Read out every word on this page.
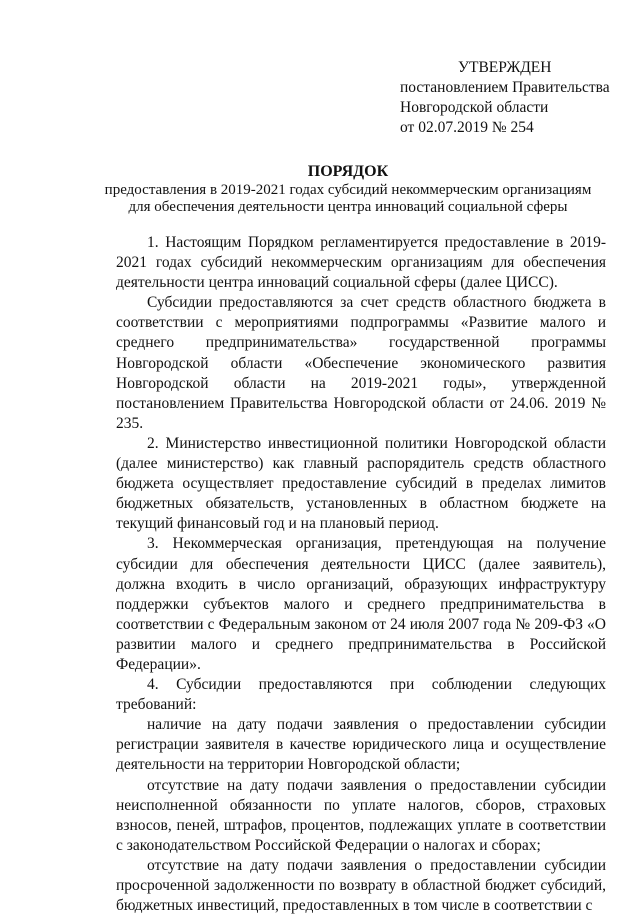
УТВЕРЖДЕН
постановлением Правительства
Новгородской области
от 02.07.2019 № 254
ПОРЯДОК
предоставления в 2019-2021 годах субсидий некоммерческим организациям
для обеспечения деятельности центра инноваций социальной сферы

1. Настоящим Порядком регламентируется предоставление в 2019-2021 годах субсидий некоммерческим организациям для обеспечения деятельности центра инноваций социальной сферы (далее ЦИСС).

Субсидии предоставляются за счет средств областного бюджета в соответствии с мероприятиями подпрограммы «Развитие малого и среднего предпринимательства» государственной программы Новгородской области «Обеспечение экономического развития Новгородской области на 2019-2021 годы», утвержденной постановлением Правительства Новгородской области от 24.06. 2019 № 235.

2. Министерство инвестиционной политики Новгородской области (далее министерство) как главный распорядитель средств областного бюджета осуществляет предоставление субсидий в пределах лимитов бюджетных обязательств, установленных в областном бюджете на текущий финансовый год и на плановый период.

3. Некоммерческая организация, претендующая на получение субсидии для обеспечения деятельности ЦИСС (далее заявитель), должна входить в число организаций, образующих инфраструктуру поддержки субъектов малого и среднего предпринимательства в соответствии с Федеральным законом от 24 июля 2007 года № 209-ФЗ «О развитии малого и среднего предпринимательства в Российской Федерации».

4. Субсидии предоставляются при соблюдении следующих требований:

наличие на дату подачи заявления о предоставлении субсидии регистрации заявителя в качестве юридического лица и осуществление деятельности на территории Новгородской области;

отсутствие на дату подачи заявления о предоставлении субсидии неисполненной обязанности по уплате налогов, сборов, страховых взносов, пеней, штрафов, процентов, подлежащих уплате в соответствии с законодательством Российской Федерации о налогах и сборах;

отсутствие на дату подачи заявления о предоставлении субсидии просроченной задолженности по возврату в областной бюджет субсидий, бюджетных инвестиций, предоставленных в том числе в соответствии с
